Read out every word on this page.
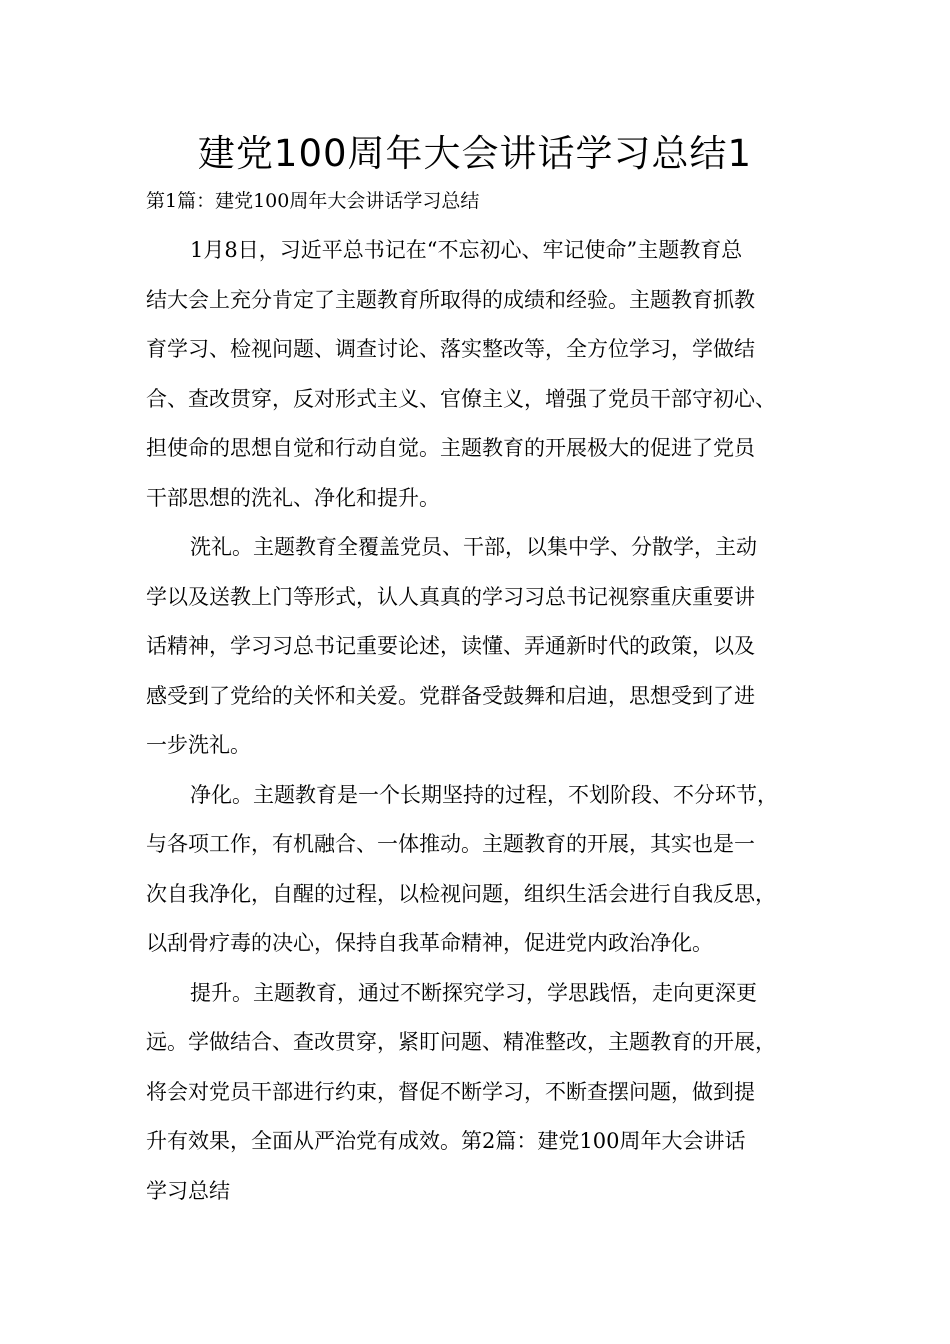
建党100周年大会讲话学习总结1

第1篇：建党100周年大会讲话学习总结

1月8日，习近平总书记在“不忘初心、牢记使命”主题教育总
结大会上充分肯定了主题教育所取得的成绩和经验。主题教育抓教
育学习、检视问题、调查讨论、落实整改等，全方位学习，学做结
合、查改贯穿，反对形式主义、官僚主义，增强了党员干部守初心、
担使命的思想自觉和行动自觉。主题教育的开展极大的促进了党员
干部思想的洗礼、净化和提升。
洗礼。主题教育全覆盖党员、干部，以集中学、分散学，主动
学以及送教上门等形式，认人真真的学习习总书记视察重庆重要讲
话精神，学习习总书记重要论述，读懂、弄通新时代的政策，以及
感受到了党给的关怀和关爱。党群备受鼓舞和启迪，思想受到了进
一步洗礼。
净化。主题教育是一个长期坚持的过程，不划阶段、不分环节，
与各项工作，有机融合、一体推动。主题教育的开展，其实也是一
次自我净化，自醒的过程，以检视问题，组织生活会进行自我反思，
以刮骨疗毒的决心，保持自我革命精神，促进党内政治净化。
提升。主题教育，通过不断探究学习，学思践悟，走向更深更
远。学做结合、查改贯穿，紧盯问题、精准整改，主题教育的开展，
将会对党员干部进行约束，督促不断学习，不断查摆问题，做到提
升有效果，全面从严治党有成效。第2篇：建党100周年大会讲话
学习总结
